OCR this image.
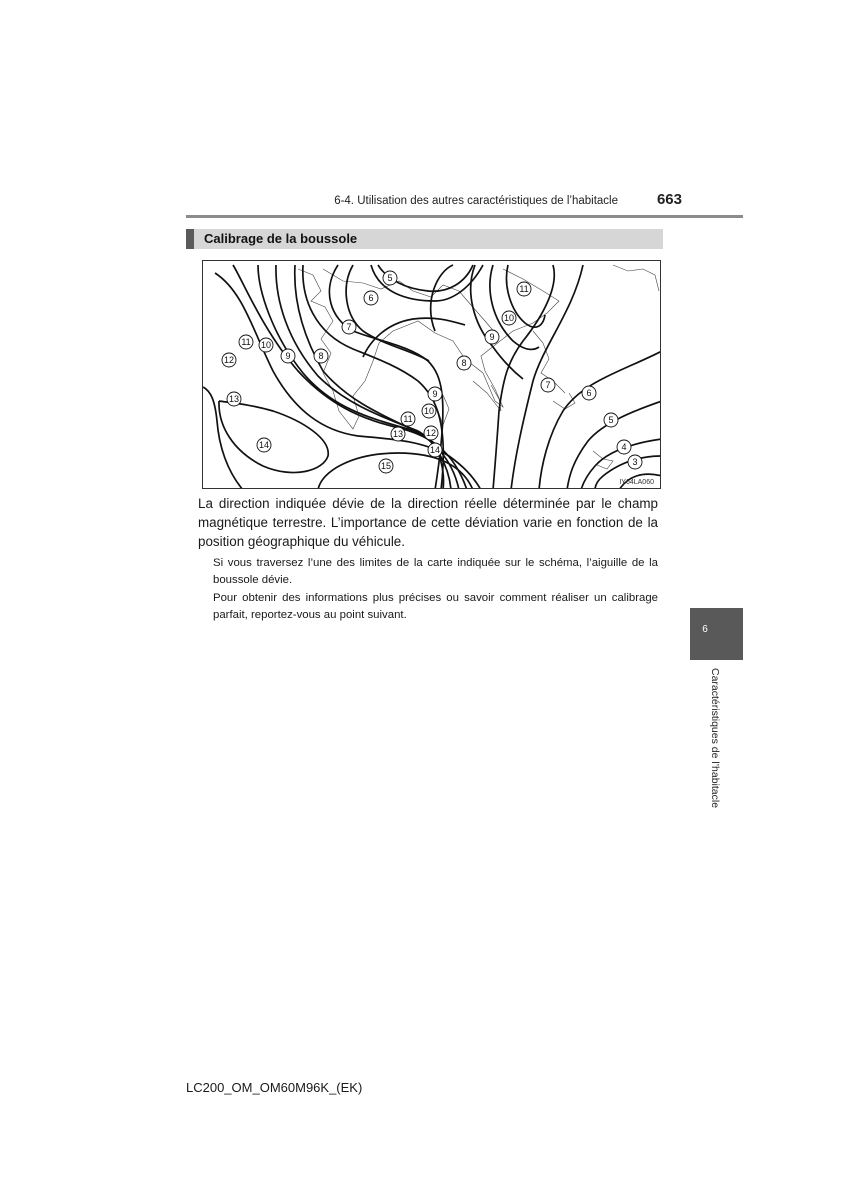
6-4. Utilisation des autres caractéristiques de l’habitacle	663
Calibrage de la boussole
5
6
7
11
10
9
8
12
11 10
9	8
7
6
5
13
14
11
10
13	12
14
15
4
3
9
IY64LA060
La direction indiquée dévie de la direction réelle déterminée par le champ magnétique terrestre. L’importance de cette déviation varie en fonction de la position géographique du véhicule.
Si vous traversez l’une des limites de la carte indiquée sur le schéma, l’aiguille de la boussole dévie.
Pour obtenir des informations plus précises ou savoir comment réaliser un calibrage parfait, reportez-vous au point suivant.
6
Caractéristiques de l’habitacle
LC200_OM_OM60M96K_(EK)
